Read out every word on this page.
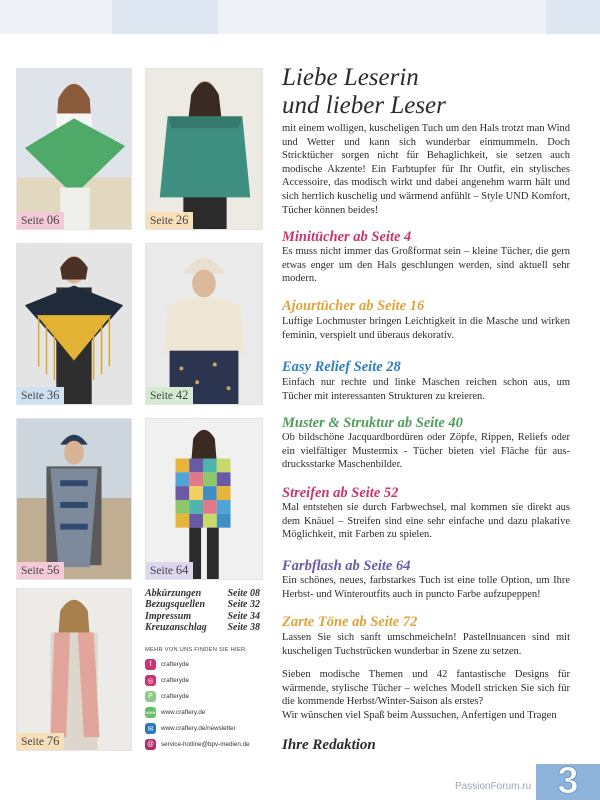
Seite 06	Seite 26
Seite 36	Seite 42
Seite 56	Seite 64
Seite 76
Abkürzungen	Seite 08
Bezugsquellen Seite 32
Impressum	Seite 34
Kreuzanschlag Seite 38
MEHR VON UNS FINDEN SIE HIER:
f	crafteryde
◎	crafteryde
P	crafteryde
www www.craftery.de
✉	www.craftery.de/newsletter
@	service-hotline@bpv-medien.de
Liebe Leserin
und lieber Leser
mit einem wolligen, kuscheligen Tuch um den Hals trotzt man Wind und Wetter und kann sich wunderbar einmummeln. Doch Stricktücher sorgen nicht für Behaglichkeit, sie setzen auch modische Akzente! Ein Farbtupfer für Ihr Outfit, ein stylisches Accessoire, das modisch wirkt und dabei angenehm warm hält und sich herrlich kuschelig und wärmend anfühlt – Style UND Komfort, Tücher können beides!
Minitücher ab Seite 4
Es muss nicht immer das Großformat sein – kleine Tücher, die gern etwas enger um den Hals geschlungen werden, sind aktuell sehr modern.
Ajourtücher ab Seite 16
Luftige Lochmuster bringen Leichtigkeit in die Masche und wirken feminin, verspielt und überaus dekorativ.
Easy Relief Seite 28
Einfach nur rechte und linke Maschen reichen schon aus, um Tücher mit interessanten Strukturen zu kreieren.
Muster & Struktur ab Seite 40
Ob bildschöne Jacquardbordüren oder Zöpfe, Rippen, Reliefs oder ein vielfältiger Mustermix - Tücher bieten viel Fläche für ausdrucksstarke Maschenbilder.
Streifen ab Seite 52
Mal entstehen sie durch Farbwechsel, mal kommen sie direkt aus dem Knäuel – Streifen sind eine sehr einfache und dazu plakative Möglichkeit, mit Farben zu spielen.
Farbflash ab Seite 64
Ein schönes, neues, farbstarkes Tuch ist eine tolle Option, um Ihre Herbst- und Winteroutfits auch in puncto Farbe aufzupeppen!
Zarte Töne ab Seite 72
Lassen Sie sich sanft umschmeicheln! Pastellnuancen sind mit kuscheligen Tuchstrücken wunderbar in Szene zu setzen.
Sieben modische Themen und 42 fantastische Designs für wärmende, stylische Tücher – welches Modell stricken Sie sich für die kommende Herbst/Winter-Saison als erstes?
Wir wünschen viel Spaß beim Aussuchen, Anfertigen und Tragen
Ihre Redaktion
3
PassionForum.ru
